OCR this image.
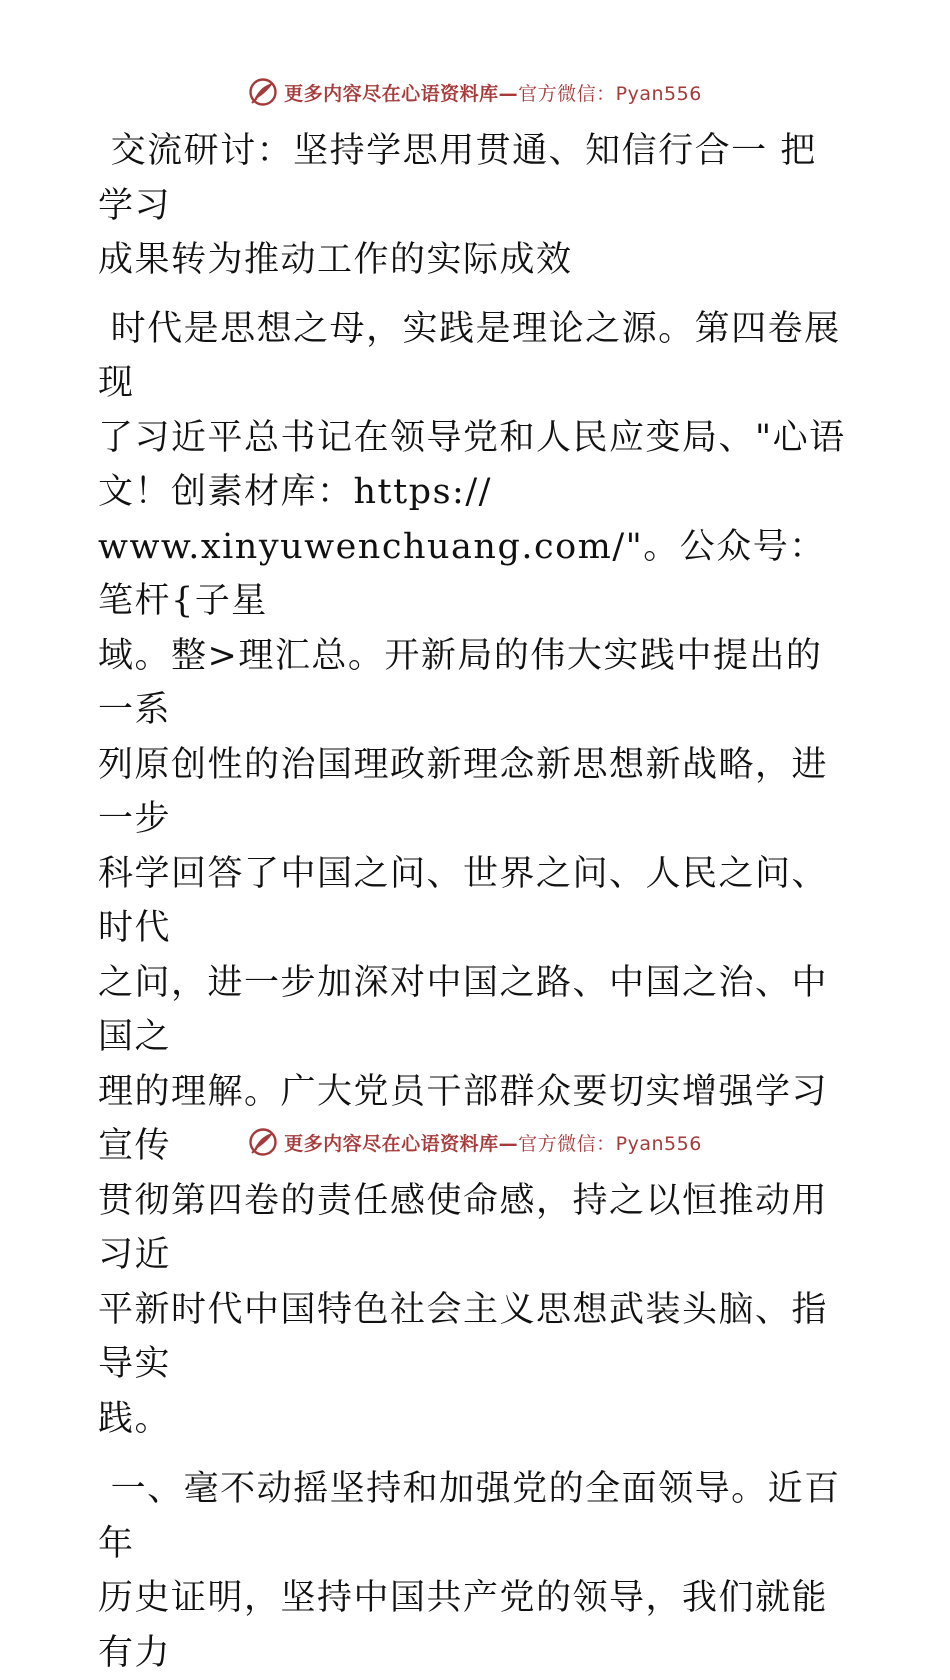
更多内容尽在心语资料库—官方微信：Pyan556

交流研讨：坚持学思用贯通、知信行合一 把学习
成果转为推动工作的实际成效

时代是思想之母，实践是理论之源。第四卷展现
了习近平总书记在领导党和人民应变局、"心语
文！创素材库：https://
www.xinyuwenchuang.com/"。公众号：笔杆{子星
域。整>理汇总。开新局的伟大实践中提出的一系
列原创性的治国理政新理念新思想新战略，进一步
科学回答了中国之问、世界之问、人民之问、时代
之问，进一步加深对中国之路、中国之治、中国之
理的理解。广大党员干部群众要切实增强学习宣传
贯彻第四卷的责任感使命感，持之以恒推动用习近
平新时代中国特色社会主义思想武装头脑、指导实
践。

一、毫不动摇坚持和加强党的全面领导。近百年
历史证明，坚持中国共产党的领导，我们就能有力

更多内容尽在心语资料库—官方微信：Pyan556
